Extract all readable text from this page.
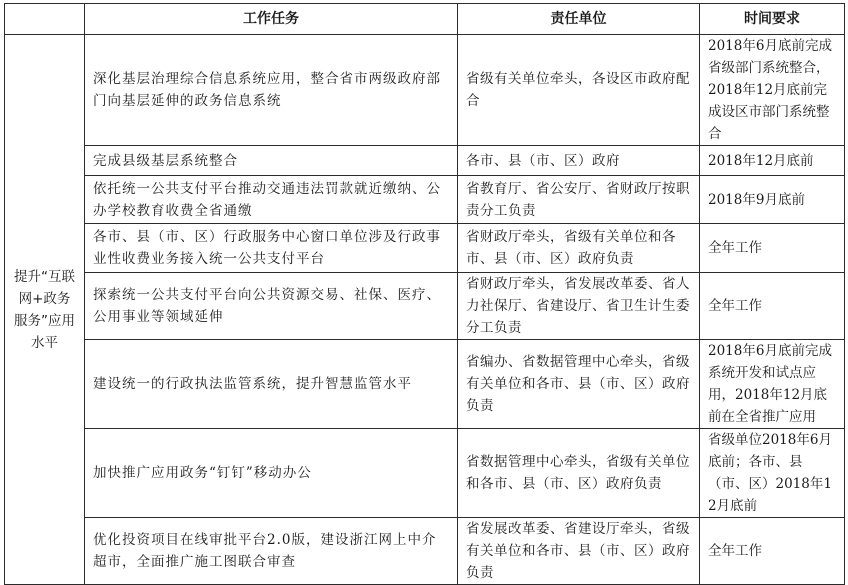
	工作任务	责任单位	时间要求
提升“互联网+政务服务”应用水平	深化基层治理综合信息系统应用，整合省市两级政府部门向基层延伸的政务信息系统	省级有关单位牵头，各设区市政府配合	2018年6月底前完成省级部门系统整合，2018年12月底前完成设区市部门系统整合
	完成县级基层系统整合	各市、县（市、区）政府	2018年12月底前
	依托统一公共支付平台推动交通违法罚款就近缴纳、公办学校教育收费全省通缴	省教育厅、省公安厅、省财政厅按职责分工负责	2018年9月底前
	各市、县（市、区）行政服务中心窗口单位涉及行政事业性收费业务接入统一公共支付平台	省财政厅牵头，省级有关单位和各市、县（市、区）政府负责	全年工作
	探索统一公共支付平台向公共资源交易、社保、医疗、公用事业等领域延伸	省财政厅牵头，省发展改革委、省人力社保厅、省建设厅、省卫生计生委分工负责	全年工作
	建设统一的行政执法监管系统，提升智慧监管水平	省编办、省数据管理中心牵头，省级有关单位和各市、县（市、区）政府负责	2018年6月底前完成系统开发和试点应用，2018年12月底前在全省推广应用
	加快推广应用政务“钉钉”移动办公	省数据管理中心牵头，省级有关单位和各市、县（市、区）政府负责	省级单位2018年6月底前；各市、县（市、区）2018年12月底前
	优化投资项目在线审批平台2.0版，建设浙江网上中介超市，全面推广施工图联合审查	省发展改革委、省建设厅牵头，省级有关单位和各市、县（市、区）政府负责	全年工作
